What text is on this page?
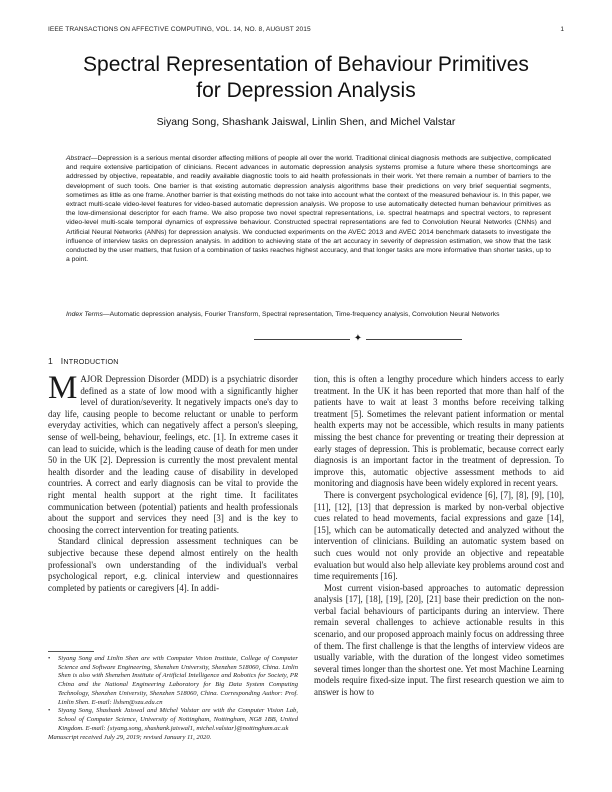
IEEE TRANSACTIONS ON AFFECTIVE COMPUTING, VOL. 14, NO. 8, AUGUST 2015	1
Spectral Representation of Behaviour Primitives
for Depression Analysis
Siyang Song, Shashank Jaiswal, Linlin Shen, and Michel Valstar
Abstract—Depression is a serious mental disorder affecting millions of people all over the world. Traditional clinical diagnosis methods are subjective, complicated and require extensive participation of clinicians. Recent advances in automatic depression analysis systems promise a future where these shortcomings are addressed by objective, repeatable, and readily available diagnostic tools to aid health professionals in their work. Yet there remain a number of barriers to the development of such tools. One barrier is that existing automatic depression analysis algorithms base their predictions on very brief sequential segments, sometimes as little as one frame. Another barrier is that existing methods do not take into account what the context of the measured behaviour is. In this paper, we extract multi-scale video-level features for video-based automatic depression analysis. We propose to use automatically detected human behaviour primitives as the low-dimensional descriptor for each frame. We also propose two novel spectral representations, i.e. spectral heatmaps and spectral vectors, to represent video-level multi-scale temporal dynamics of expressive behaviour. Constructed spectral representations are fed to Convolution Neural Networks (CNNs) and Artificial Neural Networks (ANNs) for depression analysis. We conducted experiments on the AVEC 2013 and AVEC 2014 benchmark datasets to investigate the influence of interview tasks on depression analysis. In addition to achieving state of the art accuracy in severity of depression estimation, we show that the task conducted by the user matters, that fusion of a combination of tasks reaches highest accuracy, and that longer tasks are more informative than shorter tasks, up to a point.
Index Terms—Automatic depression analysis, Fourier Transform, Spectral representation, Time-frequency analysis, Convolution Neural Networks
✦
1 INTRODUCTION

MAJOR Depression Disorder (MDD) is a psychiatric disorder defined as a state of low mood with a significantly higher level of duration/severity. It negatively impacts one's day to day life, causing people to become reluctant or unable to perform everyday activities, which can negatively affect a person's sleeping, sense of well-being, behaviour, feelings, etc. [1]. In extreme cases it can lead to suicide, which is the leading cause of death for men under 50 in the UK [2]. Depression is currently the most prevalent mental health disorder and the leading cause of disability in developed countries. A correct and early diagnosis can be vital to provide the right mental health support at the right time. It facilitates communication between (potential) patients and health professionals about the support and services they need [3] and is the key to choosing the correct intervention for treating patients.

Standard clinical depression assessment techniques can be subjective because these depend almost entirely on the health professional's own understanding of the individual's verbal psychological report, e.g. clinical interview and questionnaires completed by patients or caregivers [4]. In addi-

• Siyang Song and Linlin Shen are with Computer Vision Institute, College of Computer Science and Software Engineering, Shenzhen University, Shenzhen 518060, China. Linlin Shen is also with Shenzhen Institute of Artificial Intelligence and Robotics for Society, PR China and the National Engineering Laboratory for Big Data System Computing Technology, Shenzhen University, Shenzhen 518060, China. Corresponding Author: Prof. Linlin Shen. E-mail: llshen@szu.edu.cn
• Siyang Song, Shashank Jaiswal and Michel Valstar are with the Computer Vision Lab, School of Computer Science, University of Nottingham, Nottingham, NG8 1BB, United Kingdom. E-mail: {siyang.song, shashank.jaiswal1, michel.valstar}@nottingham.ac.uk
Manuscript received July 29, 2019; revised January 11, 2020.

tion, this is often a lengthy procedure which hinders access to early treatment. In the UK it has been reported that more than half of the patients have to wait at least 3 months before receiving talking treatment [5]. Sometimes the relevant patient information or mental health experts may not be accessible, which results in many patients missing the best chance for preventing or treating their depression at early stages of depression. This is problematic, because correct early diagnosis is an important factor in the treatment of depression. To improve this, automatic objective assessment methods to aid monitoring and diagnosis have been widely explored in recent years.

There is convergent psychological evidence [6], [7], [8], [9], [10], [11], [12], [13] that depression is marked by non-verbal objective cues related to head movements, facial expressions and gaze [14], [15], which can be automatically detected and analyzed without the intervention of clinicians. Building an automatic system based on such cues would not only provide an objective and repeatable evaluation but would also help alleviate key problems around cost and time requirements [16].

Most current vision-based approaches to automatic depression analysis [17], [18], [19], [20], [21] base their prediction on the non-verbal facial behaviours of participants during an interview. There remain several challenges to achieve actionable results in this scenario, and our proposed approach mainly focus on addressing three of them. The first challenge is that the lengths of interview videos are usually variable, with the duration of the longest video sometimes several times longer than the shortest one. Yet most Machine Learning models require fixed-size input. The first research question we aim to answer is how to
